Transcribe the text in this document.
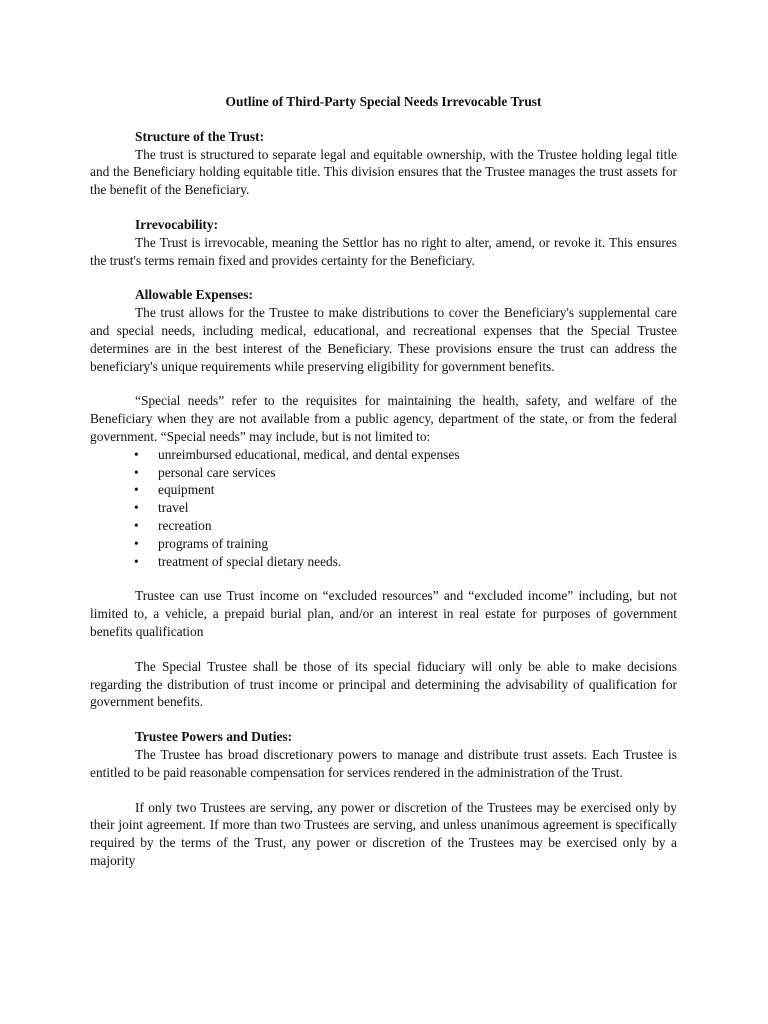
Outline of Third-Party Special Needs Irrevocable Trust

Structure of the Trust:

The trust is structured to separate legal and equitable ownership, with the Trustee holding legal title and the Beneficiary holding equitable title. This division ensures that the Trustee manages the trust assets for the benefit of the Beneficiary.

Irrevocability:

The Trust is irrevocable, meaning the Settlor has no right to alter, amend, or revoke it. This ensures the trust's terms remain fixed and provides certainty for the Beneficiary.

Allowable Expenses:

The trust allows for the Trustee to make distributions to cover the Beneficiary's supplemental care and special needs, including medical, educational, and recreational expenses that the Special Trustee determines are in the best interest of the Beneficiary. These provisions ensure the trust can address the beneficiary's unique requirements while preserving eligibility for government benefits.

“Special needs” refer to the requisites for maintaining the health, safety, and welfare of the Beneficiary when they are not available from a public agency, department of the state, or from the federal government. “Special needs” may include, but is not limited to:

• unreimbursed educational, medical, and dental expenses
• personal care services
• equipment
• travel
• recreation
• programs of training
• treatment of special dietary needs.

Trustee can use Trust income on “excluded resources” and “excluded income” including, but not limited to, a vehicle, a prepaid burial plan, and/or an interest in real estate for purposes of government benefits qualification

The Special Trustee shall be those of its special fiduciary will only be able to make decisions regarding the distribution of trust income or principal and determining the advisability of qualification for government benefits.

Trustee Powers and Duties:

The Trustee has broad discretionary powers to manage and distribute trust assets. Each Trustee is entitled to be paid reasonable compensation for services rendered in the administration of the Trust.

If only two Trustees are serving, any power or discretion of the Trustees may be exercised only by their joint agreement. If more than two Trustees are serving, and unless unanimous agreement is specifically required by the terms of the Trust, any power or discretion of the Trustees may be exercised only by a majority
